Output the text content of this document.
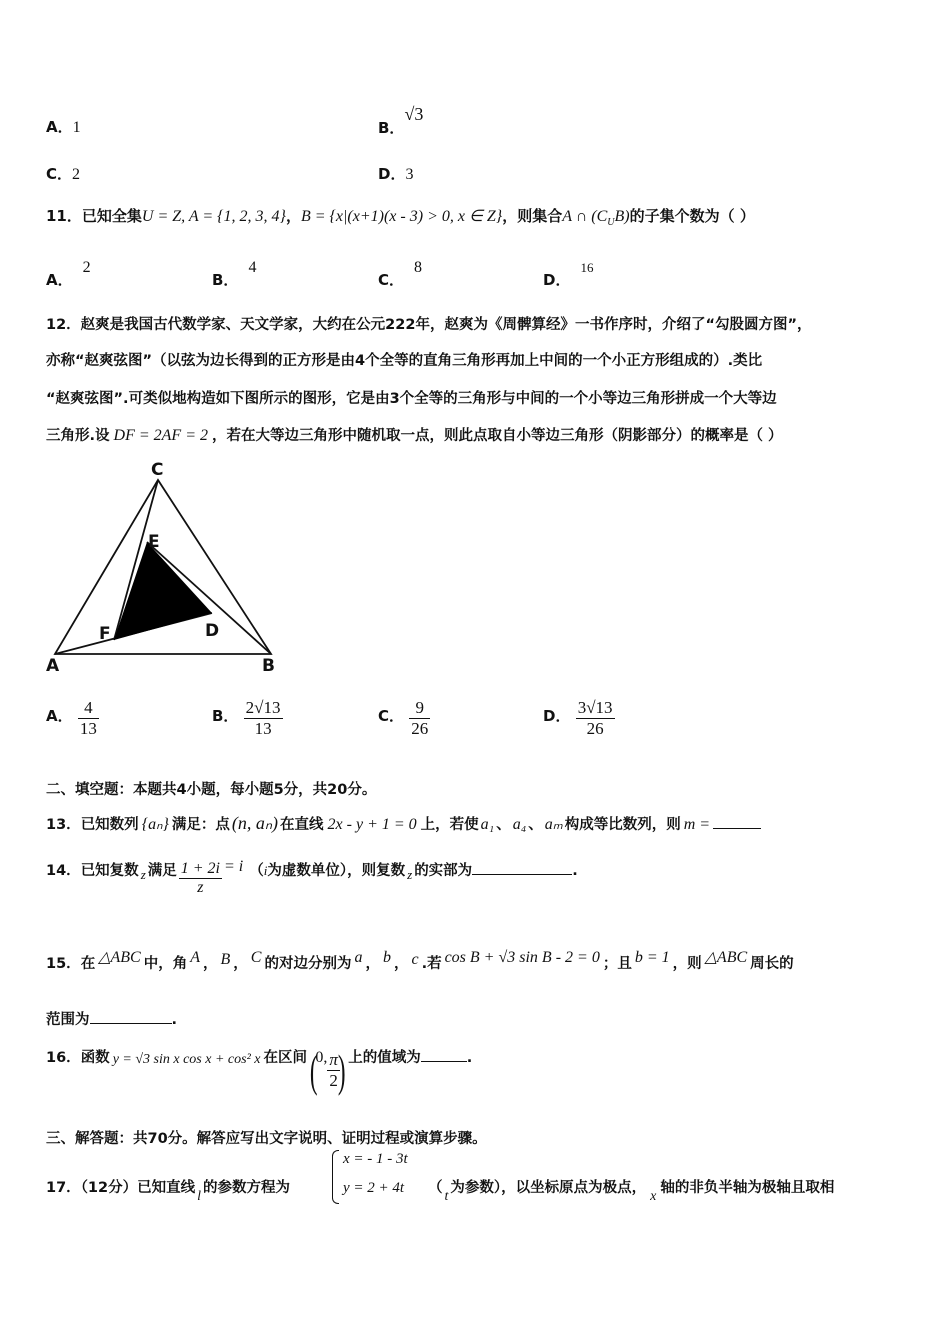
A．1	B．√3
C．2	D．3
11．已知全集U = Z, A = {1, 2, 3, 4}，B = {x|(x+1)(x - 3) > 0, x ∈ Z}，则集合A ∩ $(C_UB)$的子集个数为（ ）
A．2
B．4
C．8
D．16
12．赵爽是我国古代数学家、天文学家，大约在公元222年，赵爽为《周髀算经》一书作序时，介绍了“勾股圆方图”，
亦称“赵爽弦图”（以弦为边长得到的正方形是由4个全等的直角三角形再加上中间的一个小正方形组成的）.类比
“赵爽弦图”.可类似地构造如下图所示的图形，它是由3个全等的三角形与中间的一个小等边三角形拼成一个大等边
三角形.设 DF = 2AF = 2 ，若在大等边三角形中随机取一点，则此点取自小等边三角形（阴影部分）的概率是（ ）
C
E
F	D
A	B
A． $\frac{4}{13}$	B． $\frac{2√13}{13}$	C． $\frac{9}{26}$	D． $\frac{3√13}{26}$
二、填空题：本题共4小题，每小题5分，共20分。
13．已知数列 {aₙ} 满足：点 (n, aₙ) 在直线 2x - y + 1 = 0 上，若使 a₁ 、 a₄ 、 aₘ 构成等比数列，则 m =
14．已知复数 z 满足 $\frac{1 + 2i}{z} = i$ （i为虚数单位），则复数 z 的实部为	.
15．在 △ABC 中，角 A ， B ， C 的对边分别为 a ， b ， c .若 cos B + √3 sin B - 2 = 0 ；且 b = 1 ，则 △ABC 周长的
范围为	.
16．函数 y = √3 sin x cos x + cos² x 在区间 (0, $\frac{\pi}{2}$
) 上的值域为	.
三、解答题：共70分。解答应写出文字说明、证明过程或演算步骤。
17．（12分）已知直线l的参数方程为
x = - 1 - 3t
y = 2 + 4t （t为参数），以坐标原点为极点，x轴的非负半轴为极轴且取相
